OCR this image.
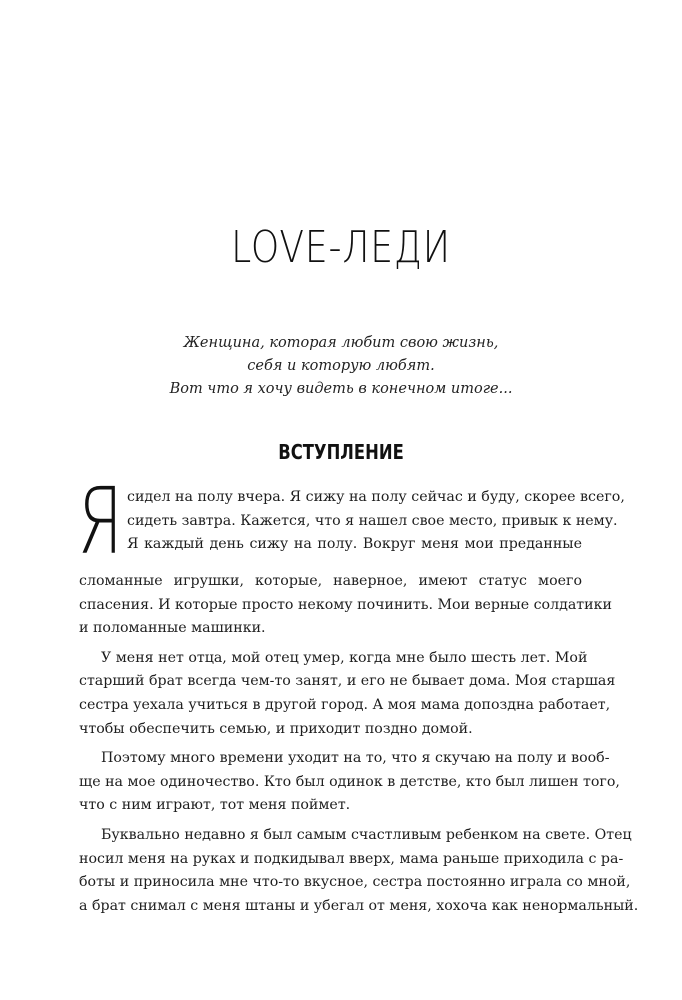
LOVE-ЛЕДИ
Женщина, которая любит свою жизнь,
себя и которую любят.
Вот что я хочу видеть в конечном итоге...
ВСТУПЛЕНИЕ
Я сидел на полу вчера. Я сижу на полу сейчас и буду, скорее всего,
сидеть завтра. Кажется, что я нашел свое место, привык к нему.
Я каждый день сижу на полу. Вокруг меня мои преданные
сломанные игрушки, которые, наверное, имеют статус моего
спасения. И которые просто некому починить. Мои верные солдатики
и поломанные машинки.
У меня нет отца, мой отец умер, когда мне было шесть лет. Мой
старший брат всегда чем-то занят, и его не бывает дома. Моя старшая
сестра уехала учиться в другой город. А моя мама допоздна работает,
чтобы обеспечить семью, и приходит поздно домой.
Поэтому много времени уходит на то, что я скучаю на полу и вооб-
ще на мое одиночество. Кто был одинок в детстве, кто был лишен того,
что с ним играют, тот меня поймет.
Буквально недавно я был самым счастливым ребенком на свете. Отец
носил меня на руках и подкидывал вверх, мама раньше приходила с ра-
боты и приносила мне что-то вкусное, сестра постоянно играла со мной,
а брат снимал с меня штаны и убегал от меня, хохоча как ненормальный.
